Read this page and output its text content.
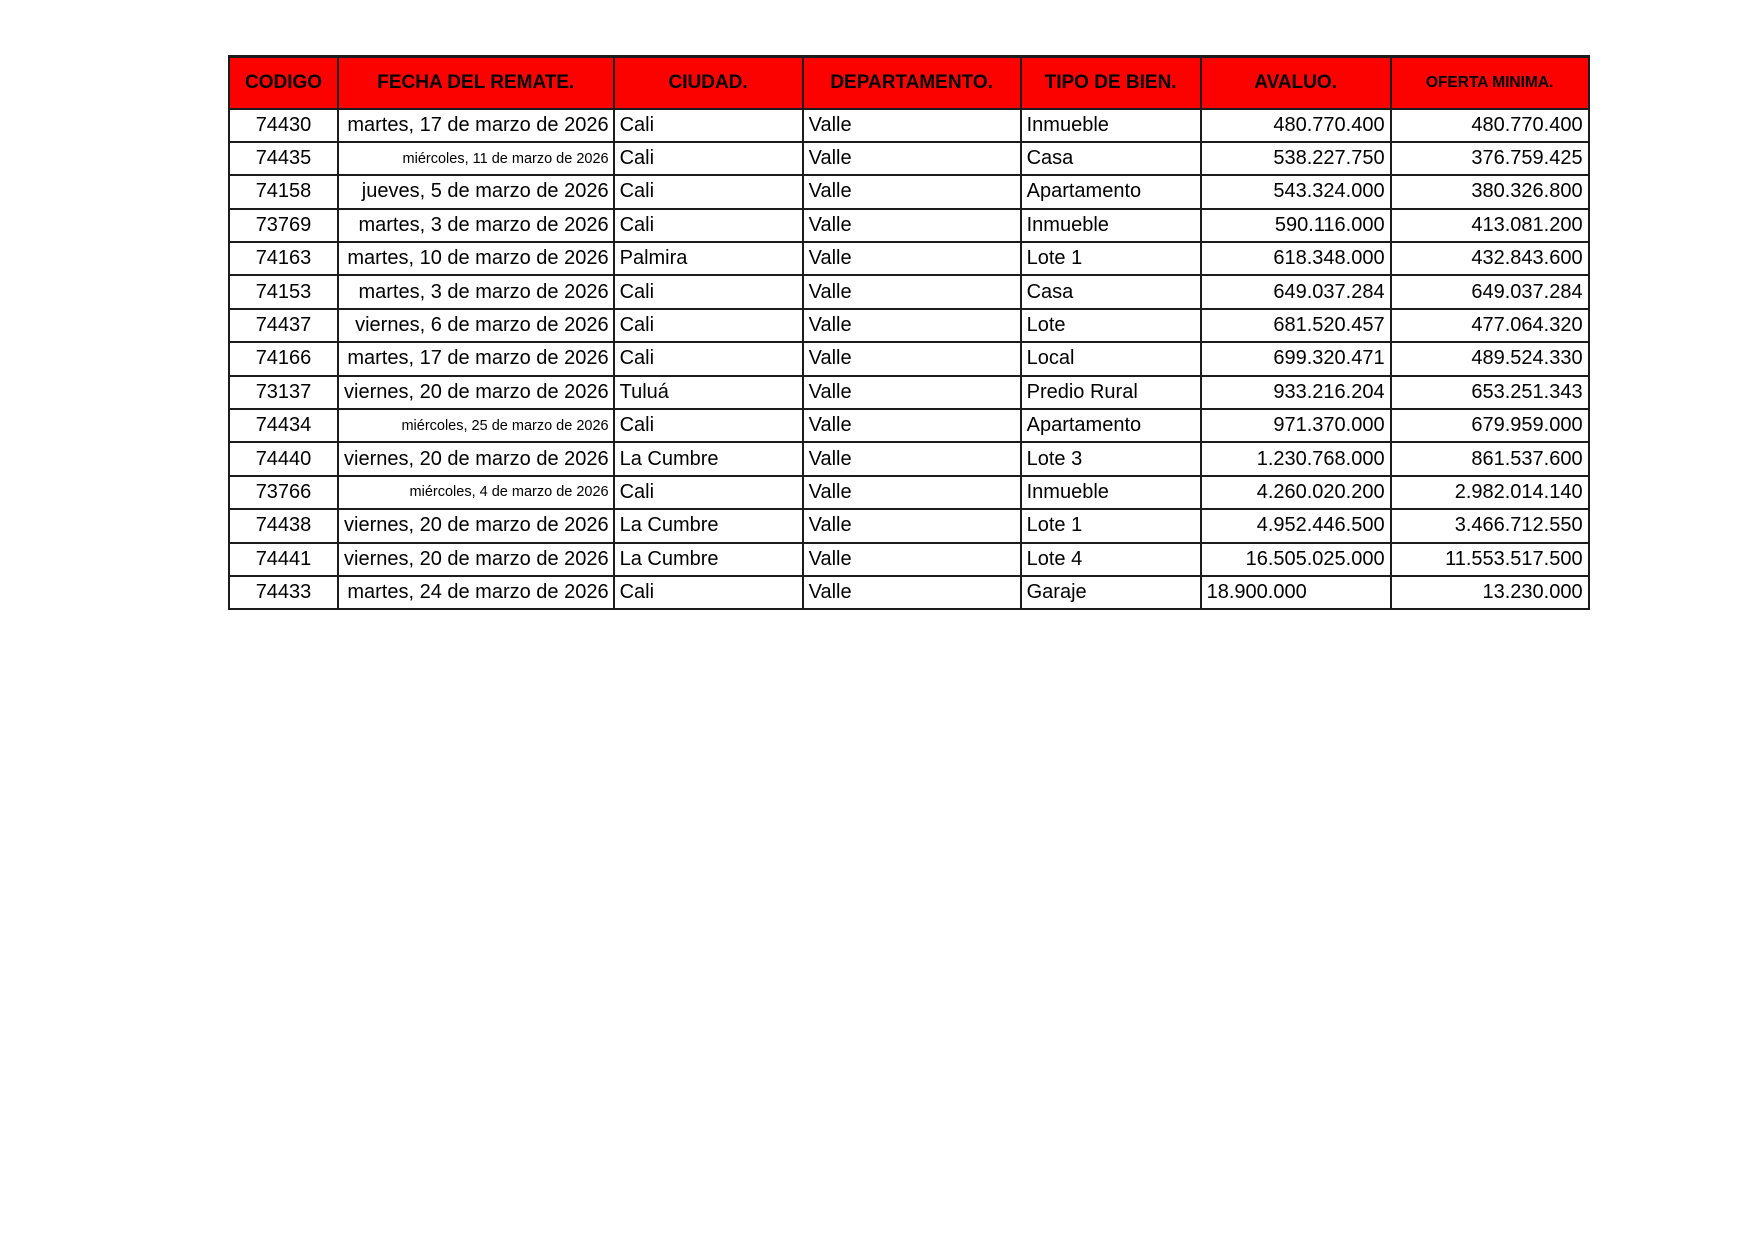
CODIGO	FECHA DEL REMATE.	CIUDAD.	DEPARTAMENTO.	TIPO DE BIEN.	AVALUO.	OFERTA MINIMA.
74430	martes, 17 de marzo de 2026	Cali	Valle	Inmueble	480.770.400	480.770.400
74435	miércoles, 11 de marzo de 2026	Cali	Valle	Casa	538.227.750	376.759.425
74158	jueves, 5 de marzo de 2026	Cali	Valle	Apartamento	543.324.000	380.326.800
73769	martes, 3 de marzo de 2026	Cali	Valle	Inmueble	590.116.000	413.081.200
74163	martes, 10 de marzo de 2026	Palmira	Valle	Lote 1	618.348.000	432.843.600
74153	martes, 3 de marzo de 2026	Cali	Valle	Casa	649.037.284	649.037.284
74437	viernes, 6 de marzo de 2026	Cali	Valle	Lote	681.520.457	477.064.320
74166	martes, 17 de marzo de 2026	Cali	Valle	Local	699.320.471	489.524.330
73137	viernes, 20 de marzo de 2026	Tuluá	Valle	Predio Rural	933.216.204	653.251.343
74434	miércoles, 25 de marzo de 2026	Cali	Valle	Apartamento	971.370.000	679.959.000
74440	viernes, 20 de marzo de 2026	La Cumbre	Valle	Lote 3	1.230.768.000	861.537.600
73766	miércoles, 4 de marzo de 2026	Cali	Valle	Inmueble	4.260.020.200	2.982.014.140
74438	viernes, 20 de marzo de 2026	La Cumbre	Valle	Lote 1	4.952.446.500	3.466.712.550
74441	viernes, 20 de marzo de 2026	La Cumbre	Valle	Lote 4	16.505.025.000	11.553.517.500
74433	martes, 24 de marzo de 2026	Cali	Valle	Garaje	18.900.000	13.230.000
